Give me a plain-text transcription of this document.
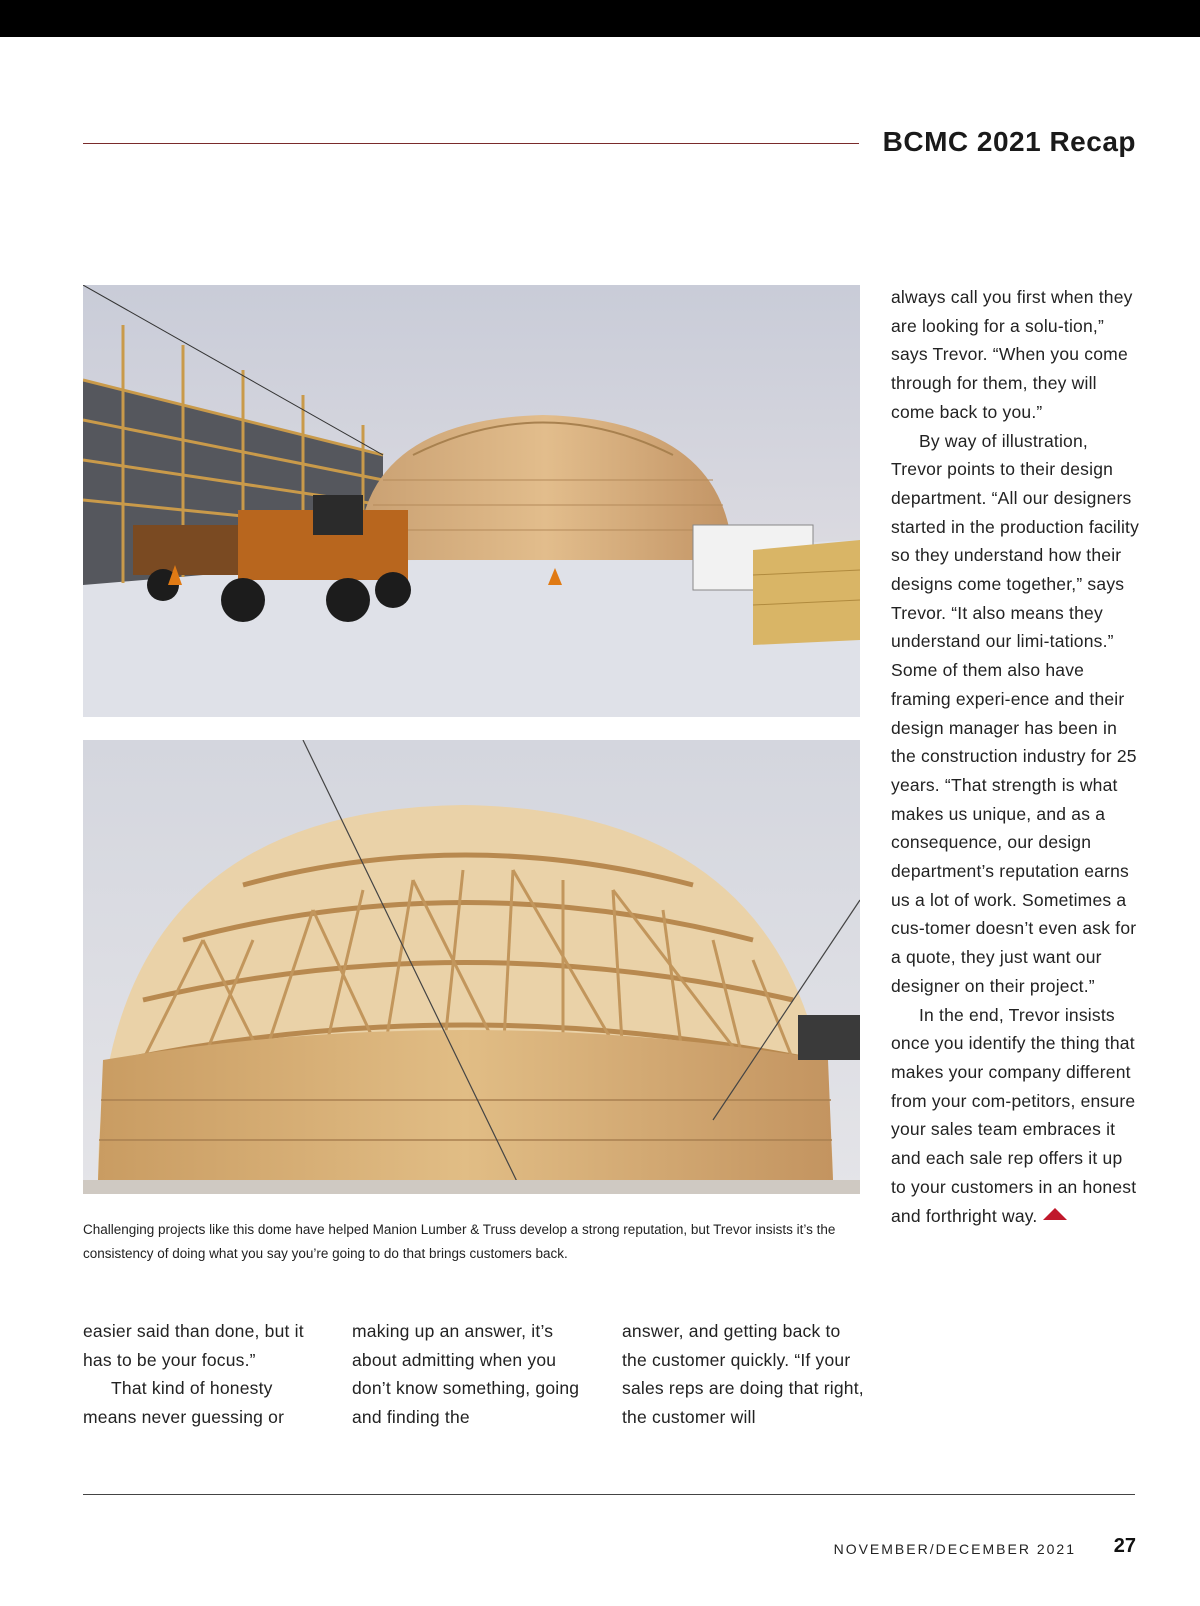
BCMC 2021 Recap
Challenging projects like this dome have helped Manion Lumber & Truss develop a strong reputation, but Trevor insists it’s the consistency of doing what you say you’re going to do that brings customers back.

easier said than done, but it has to be your focus.”

That kind of honesty means never guessing or

making up an answer, it’s about admitting when you don’t know something, going and finding the

answer, and getting back to the customer quickly. “If your sales reps are doing that right, the customer will

always call you first when they are looking for a solu-tion,” says Trevor. “When you come through for them, they will come back to you.”

By way of illustration, Trevor points to their design department. “All our designers started in the production facility so they understand how their designs come together,” says Trevor. “It also means they understand our limi-tations.” Some of them also have framing experi-ence and their design manager has been in the construction industry for 25 years. “That strength is what makes us unique, and as a consequence, our design department’s reputation earns us a lot of work. Sometimes a cus-tomer doesn’t even ask for a quote, they just want our designer on their project.”

In the end, Trevor insists once you identify the thing that makes your company different from your com-petitors, ensure your sales team embraces it and each sale rep offers it up to your customers in an honest and forthright way.

NOVEMBER/DECEMBER 2021 27
